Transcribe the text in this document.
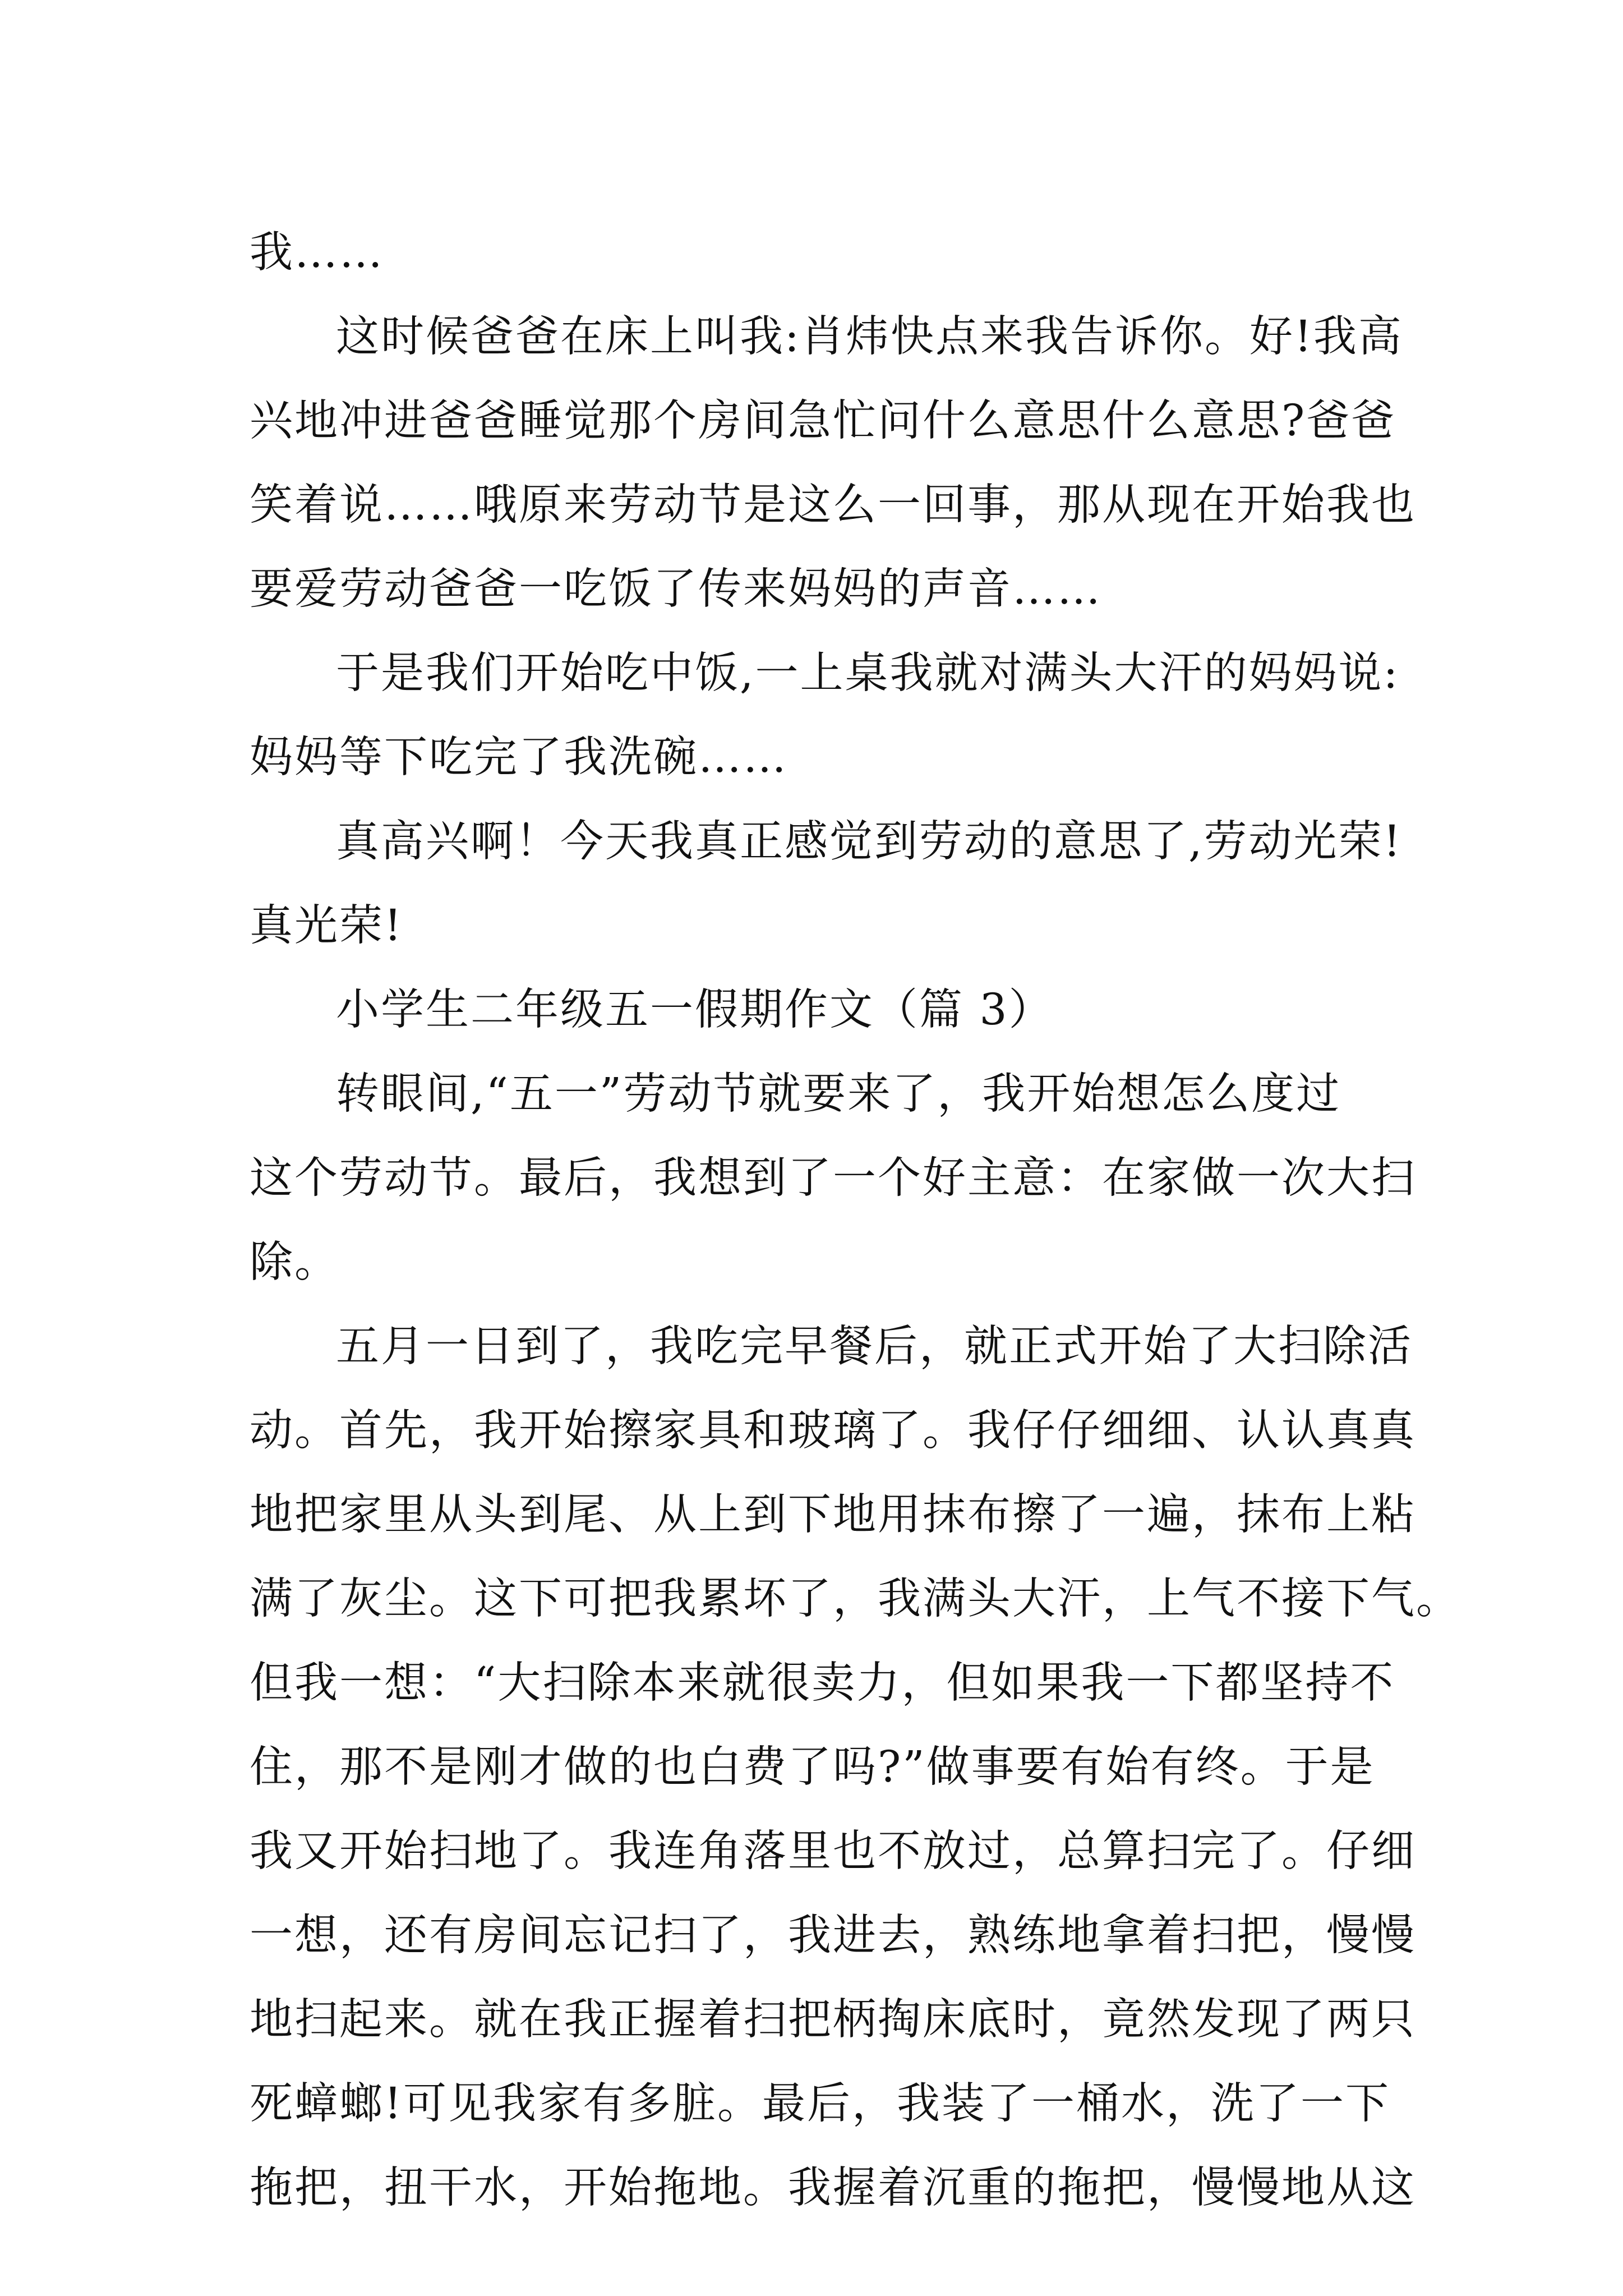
我……
这时候爸爸在床上叫我:肖炜快点来我告诉你。好!我高
兴地冲进爸爸睡觉那个房间急忙问什么意思什么意思?爸爸
笑着说……哦原来劳动节是这么一回事，那从现在开始我也
要爱劳动爸爸一吃饭了传来妈妈的声音……
于是我们开始吃中饭,一上桌我就对满头大汗的妈妈说:
妈妈等下吃完了我洗碗……
真高兴啊！今天我真正感觉到劳动的意思了,劳动光荣!
真光荣!
小学生二年级五一假期作文（篇 3）
转眼间,“五一”劳动节就要来了，我开始想怎么度过
这个劳动节。最后，我想到了一个好主意：在家做一次大扫
除。
五月一日到了，我吃完早餐后，就正式开始了大扫除活
动。首先，我开始擦家具和玻璃了。我仔仔细细、认认真真
地把家里从头到尾、从上到下地用抹布擦了一遍，抹布上粘
满了灰尘。这下可把我累坏了，我满头大汗，上气不接下气。
但我一想：“大扫除本来就很卖力，但如果我一下都坚持不
住，那不是刚才做的也白费了吗?”做事要有始有终。于是
我又开始扫地了。我连角落里也不放过，总算扫完了。仔细
一想，还有房间忘记扫了，我进去，熟练地拿着扫把，慢慢
地扫起来。就在我正握着扫把柄掏床底时，竟然发现了两只
死蟑螂!可见我家有多脏。最后，我装了一桶水，洗了一下
拖把，扭干水，开始拖地。我握着沉重的拖把，慢慢地从这
